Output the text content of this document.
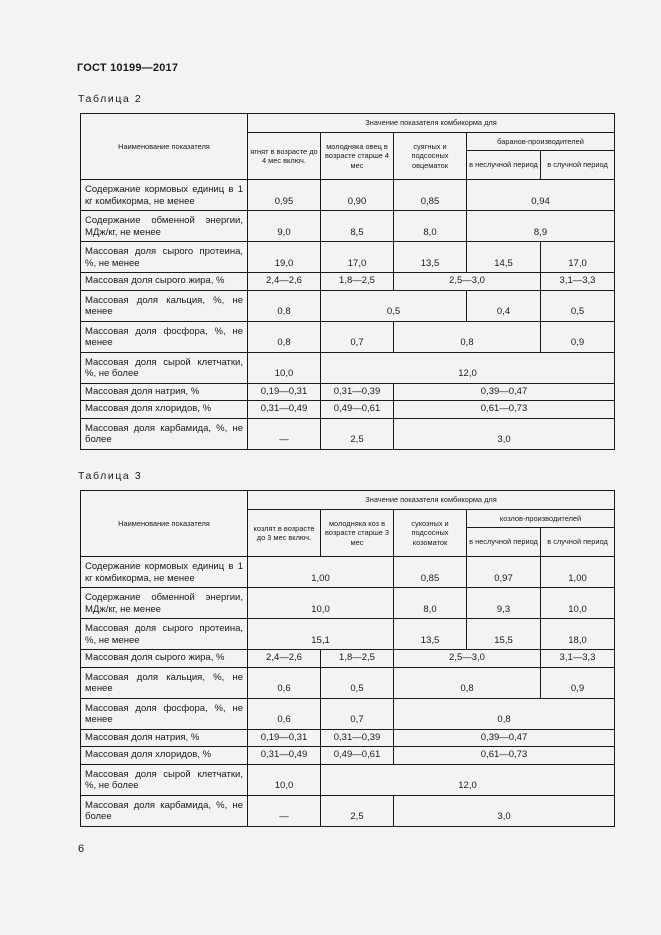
ГОСТ 10199—2017
Таблица 2
Наименование показателя	Значение показателя комбикорма для				
	ягнят в возрасте до 4 мес включ.	молодняка овец в возрасте старше 4 мес	суягных и подсосных овцематок	баранов-производителей	
				в неслучной период	в случной период
Содержание кормовых единиц в 1 кг комбикорма, не менее	0,95	0,90	0,85	0,94	
Содержание обменной энергии, МДж/кг, не менее	9,0	8,5	8,0	8,9	
Массовая доля сырого протеина, %, не менее	19,0	17,0	13,5	14,5	17,0
Массовая доля сырого жира, %	2,4—2,6	1,8—2,5	2,5—3,0		3,1—3,3
Массовая доля кальция, %, не менее	0,8	0,5		0,4	0,5
Массовая доля фосфора, %, не менее	0,8	0,7	0,8		0,9
Массовая доля сырой клетчатки, %, не более	10,0	12,0			
Массовая доля натрия, %	0,19—0,31	0,31—0,39	0,39—0,47		
Массовая доля хлоридов, %	0,31—0,49	0,49—0,61	0,61—0,73		
Массовая доля карбамида, %, не более	—	2,5	3,0		
Таблица 3
Наименование показателя	Значение показателя комбикорма для				
	козлят в возрасте до 3 мес включ.	молодняка коз в возрасте старше 3 мес	сукозных и подсосных козоматок	козлов-производителей	
				в неслучной период	в случной период
Содержание кормовых единиц в 1 кг комбикорма, не менее	1,00		0,85	0,97	1,00
Содержание обменной энергии, МДж/кг, не менее	10,0		8,0	9,3	10,0
Массовая доля сырого протеина, %, не менее	15,1		13,5	15,5	18,0
Массовая доля сырого жира, %	2,4—2,6	1,8—2,5	2,5—3,0		3,1—3,3
Массовая доля кальция, %, не менее	0,6	0,5	0,8		0,9
Массовая доля фосфора, %, не менее	0,6	0,7	0,8		
Массовая доля натрия, %	0,19—0,31	0,31—0,39	0,39—0,47		
Массовая доля хлоридов, %	0,31—0,49	0,49—0,61	0,61—0,73		
Массовая доля сырой клетчатки, %, не более	10,0	12,0			
Массовая доля карбамида, %, не более	—	2,5	3,0		
6
